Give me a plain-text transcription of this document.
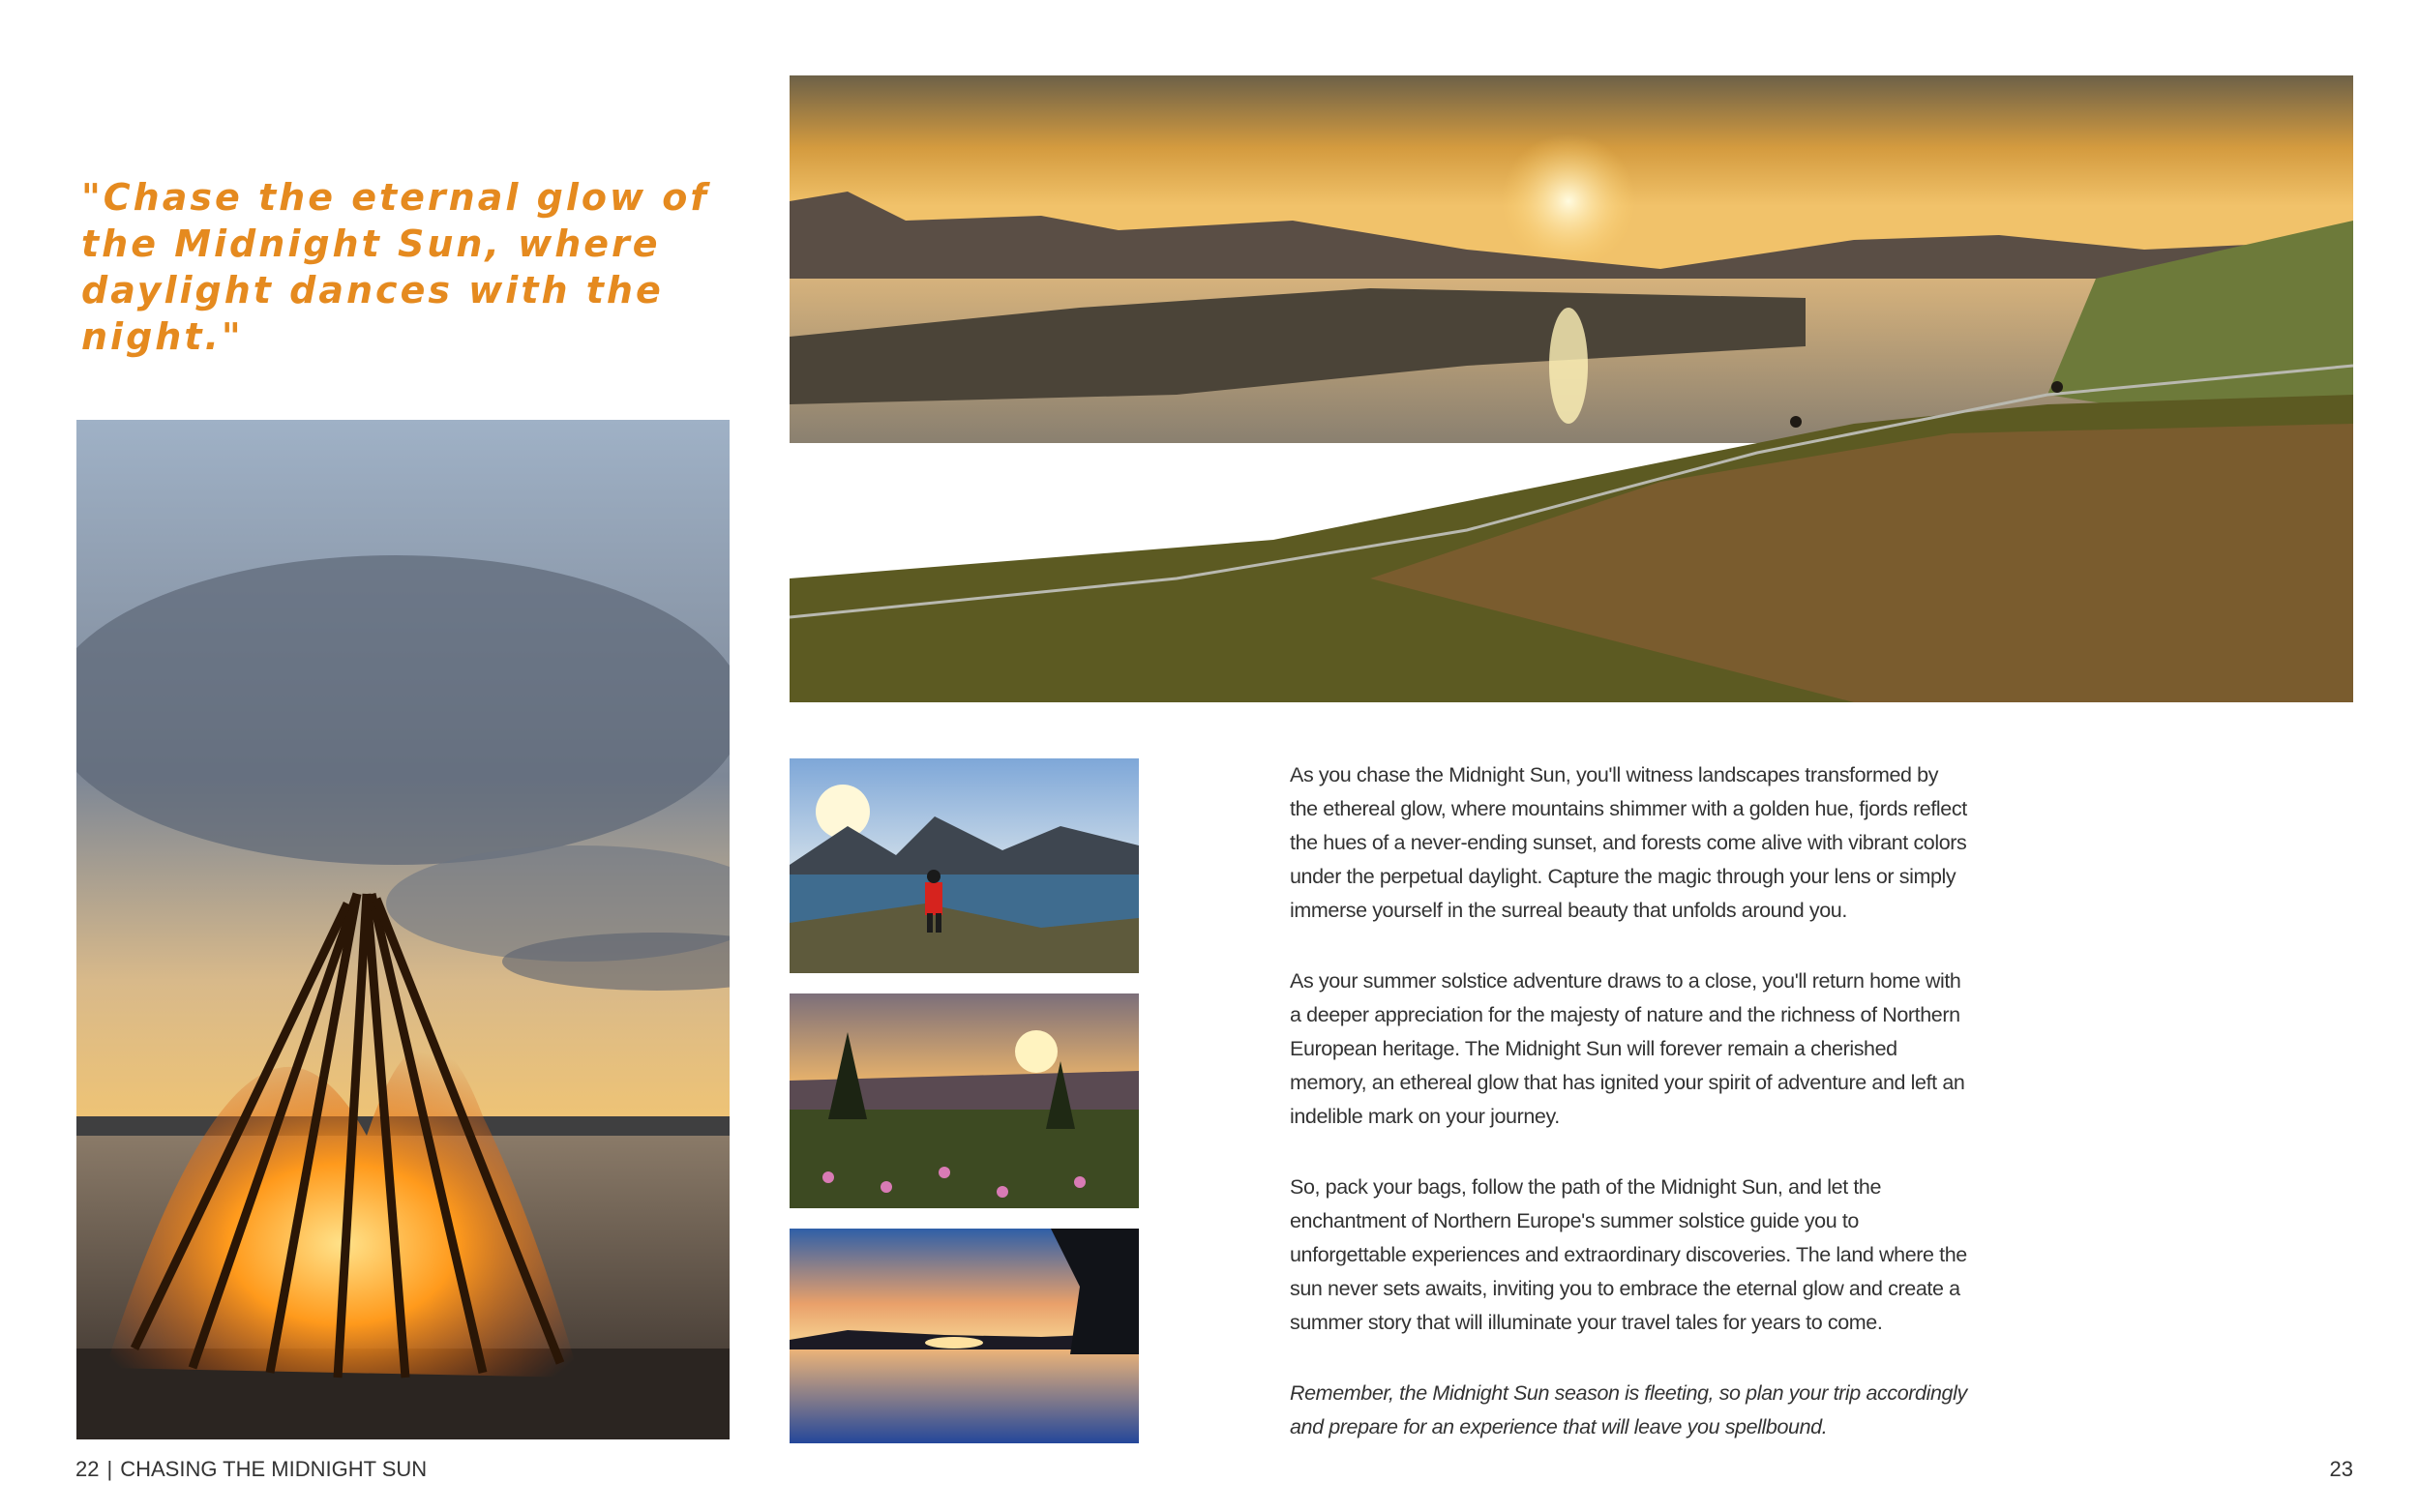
"Chase the eternal glow of the Midnight Sun, where daylight dances with the night."

As you chase the Midnight Sun, you'll witness landscapes transformed by the ethereal glow, where mountains shimmer with a golden hue, fjords reflect the hues of a never-ending sunset, and forests come alive with vibrant colors under the perpetual daylight. Capture the magic through your lens or simply immerse yourself in the surreal beauty that unfolds around you.

As your summer solstice adventure draws to a close, you'll return home with a deeper appreciation for the majesty of nature and the richness of Northern European heritage. The Midnight Sun will forever remain a cherished memory, an ethereal glow that has ignited your spirit of adventure and left an indelible mark on your journey.

So, pack your bags, follow the path of the Midnight Sun, and let the enchantment of Northern Europe's summer solstice guide you to unforgettable experiences and extraordinary discoveries. The land where the sun never sets awaits, inviting you to embrace the eternal glow and create a summer story that will illuminate your travel tales for years to come.

Remember, the Midnight Sun season is fleeting, so plan your trip accordingly and prepare for an experience that will leave you spellbound.

22 | CHASING THE MIDNIGHT SUN	23
